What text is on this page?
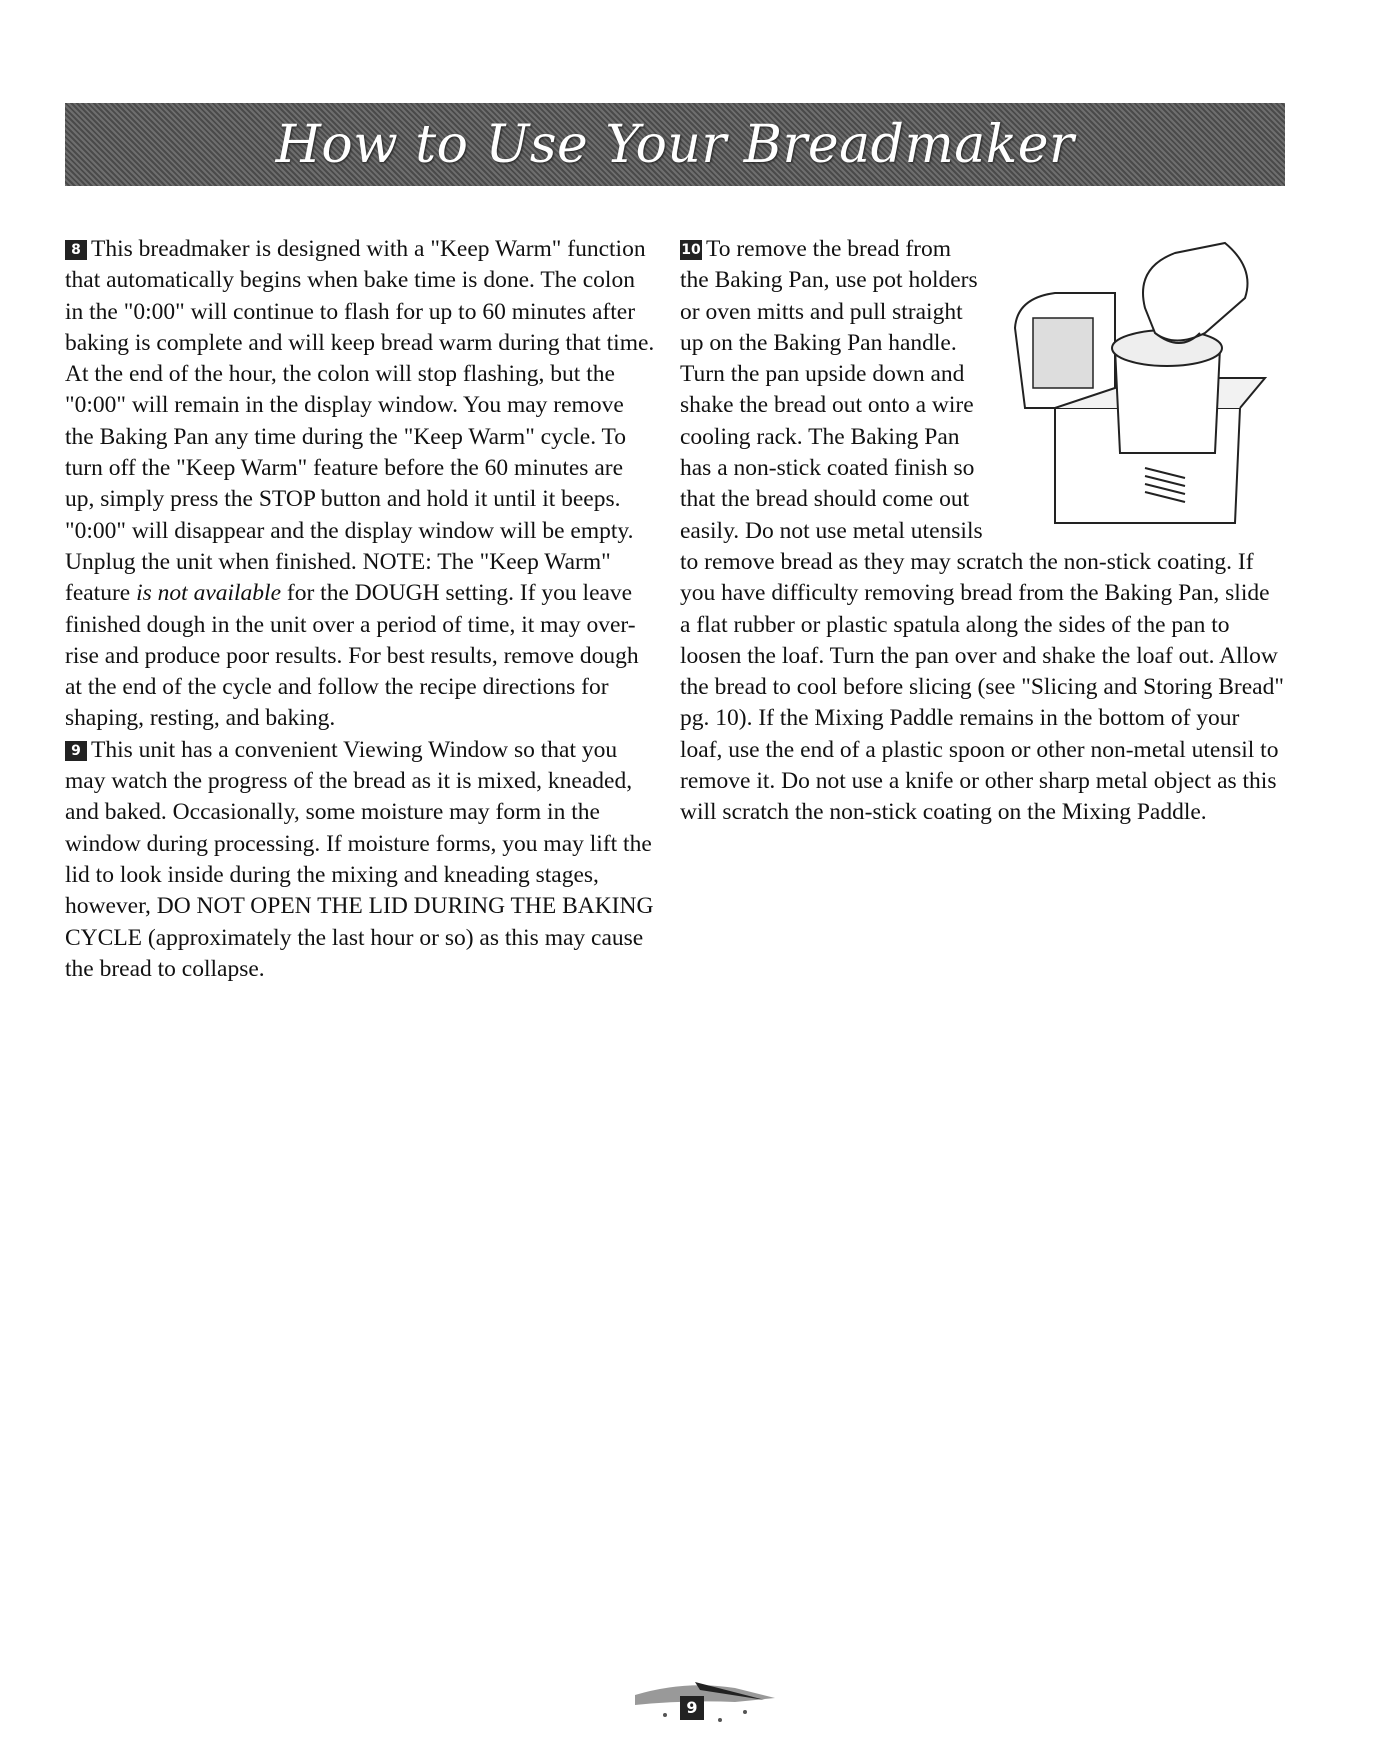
How to Use Your Breadmaker

8 This breadmaker is designed with a "Keep Warm" function that automatically begins when bake time is done. The colon in the "0:00" will continue to flash for up to 60 minutes after baking is complete and will keep bread warm during that time. At the end of the hour, the colon will stop flashing, but the "0:00" will remain in the display window. You may remove the Baking Pan any time during the "Keep Warm" cycle. To turn off the "Keep Warm" feature before the 60 minutes are up, simply press the STOP button and hold it until it beeps. "0:00" will disappear and the display window will be empty. Unplug the unit when finished. NOTE: The "Keep Warm" feature is not available for the DOUGH setting. If you leave finished dough in the unit over a period of time, it may over-rise and produce poor results. For best results, remove dough at the end of the cycle and follow the recipe directions for shaping, resting, and baking.

9 This unit has a convenient Viewing Window so that you may watch the progress of the bread as it is mixed, kneaded, and baked. Occasionally, some moisture may form in the window during processing. If moisture forms, you may lift the lid to look inside during the mixing and kneading stages, however, DO NOT OPEN THE LID DURING THE BAKING CYCLE (approximately the last hour or so) as this may cause the bread to collapse.

10 To remove the bread from the Baking Pan, use pot holders or oven mitts and pull straight up on the Baking Pan handle. Turn the pan upside down and shake the bread out onto a wire cooling rack. The Baking Pan has a non-stick coated finish so that the bread should come out easily. Do not use metal utensils to remove bread as they may scratch the non-stick coating. If you have difficulty removing bread from the Baking Pan, slide a flat rubber or plastic spatula along the sides of the pan to loosen the loaf. Turn the pan over and shake the loaf out. Allow the bread to cool before slicing (see "Slicing and Storing Bread" pg. 10). If the Mixing Paddle remains in the bottom of your loaf, use the end of a plastic spoon or other non-metal utensil to remove it. Do not use a knife or other sharp metal object as this will scratch the non-stick coating on the Mixing Paddle.

9
